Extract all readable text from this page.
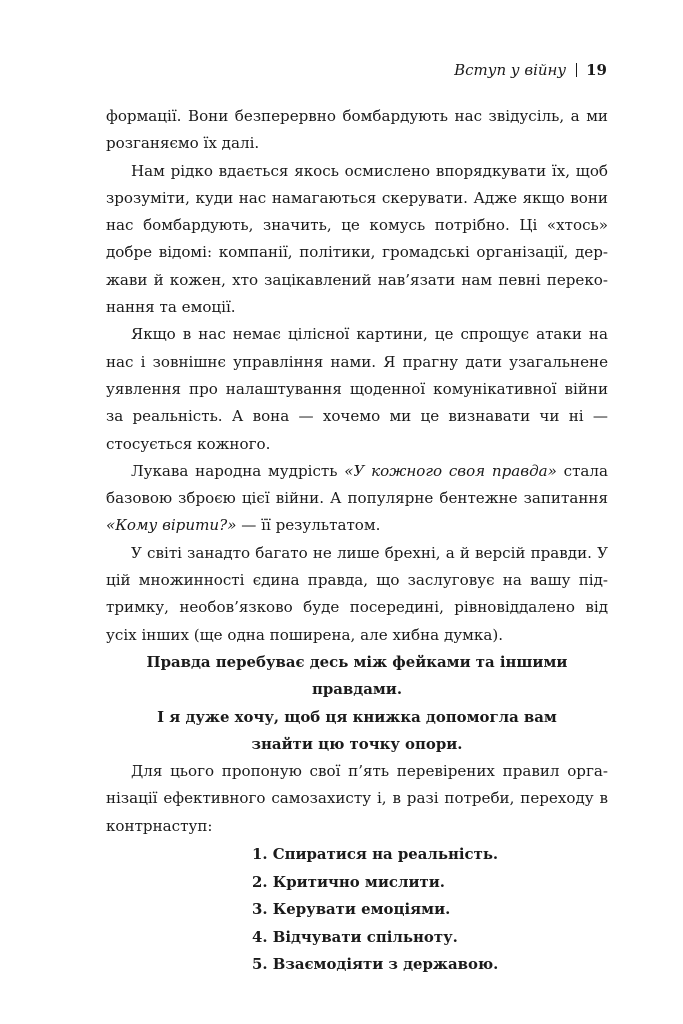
Вступ у війну 19

формації. Вони безперервно бомбардують нас звідусіль, а ми розганяємо їх далі.

Нам рідко вдається якось осмислено впорядкувати їх, щоб зрозуміти, куди нас намагаються скерувати. Адже якщо вони нас бомбардують, значить, це комусь потрібно. Ці «хтось» добре відомі: компанії, політики, громадські організації, держави й кожен, хто зацікавлений нав’язати нам певні переконання та емоції.

Якщо в нас немає цілісної картини, це спрощує атаки на нас і зовнішнє управління нами. Я прагну дати узагальнене уявлення про налаштування щоденної комунікативної війни за реальність. А вона — хочемо ми це визнавати чи ні — стосується кожного.

Лукава народна мудрість «У кожного своя правда» стала базовою зброєю цієї війни. А популярне бентежне запитання «Кому вірити?» — її результатом.

У світі занадто багато не лише брехні, а й версій правди. У цій множинності єдина правда, що заслуговує на вашу підтримку, необов’язково буде посередині, рівновіддалено від усіх інших (ще одна поширена, але хибна думка).

Правда перебуває десь між фейками та іншими правдами.
І я дуже хочу, щоб ця книжка допомогла вам
знайти цю точку опори.

Для цього пропоную свої п’ять перевірених правил організації ефективного самозахисту і, в разі потреби, переходу в контрнаступ:

1. Спиратися на реальність.
2. Критично мислити.
3. Керувати емоціями.
4. Відчувати спільноту.
5. Взаємодіяти з державою.
